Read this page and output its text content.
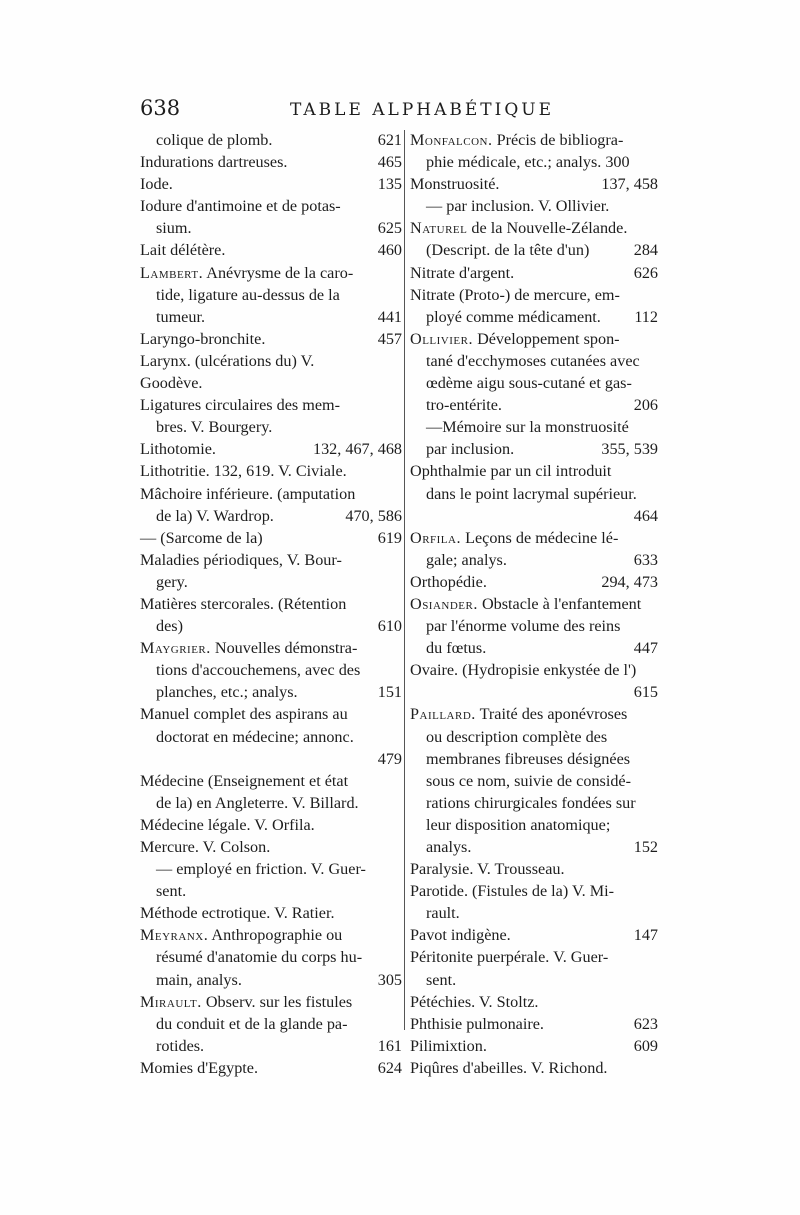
638	TABLE ALPHABÉTIQUE
colique de plomb.	621
Indurations dartreuses.	465
Iode.	135
Iodure d'antimoine et de potas-
sium.	625
Lait délétère.	460
Lambert. Anévrysme de la caro-
tide, ligature au-dessus de la
tumeur.	441
Laryngo-bronchite.	457
Larynx. (ulcérations du) V.
Goodève.
Ligatures circulaires des mem-
bres. V. Bourgery.
Lithotomie.	132, 467, 468
Lithotritie. 132, 619. V. Civiale.
Mâchoire inférieure. (amputation
de la) V. Wardrop.	470, 586
— (Sarcome de la)	619
Maladies périodiques, V. Bour-
gery.
Matières stercorales. (Rétention
des)	610
Maygrier. Nouvelles démonstra-
tions d'accouchemens, avec des
planches, etc.; analys.	151
Manuel complet des aspirans au
doctorat en médecine; annonc.
479
Médecine (Enseignement et état
de la) en Angleterre. V. Billard.
Médecine légale. V. Orfila.
Mercure. V. Colson.
— employé en friction. V. Guer-
sent.
Méthode ectrotique. V. Ratier.
Meyranx. Anthropographie ou
résumé d'anatomie du corps hu-
main, analys.	305
Mirault. Observ. sur les fistules
du conduit et de la glande pa-
rotides.	161
Momies d'Egypte.	624
Monfalcon. Précis de bibliogra-
phie médicale, etc.; analys. 300
Monstruosité.	137, 458
— par inclusion. V. Ollivier.
Naturel de la Nouvelle-Zélande.
(Descript. de la tête d'un)	284
Nitrate d'argent.	626
Nitrate (Proto-) de mercure, em-
ployé comme médicament. 112
Ollivier. Développement spon-
tané d'ecchymoses cutanées avec
œdème aigu sous-cutané et gas-
tro-entérite.	206
—Mémoire sur la monstruosité
par inclusion.	355, 539
Ophthalmie par un cil introduit
dans le point lacrymal supérieur.
464
Orfila. Leçons de médecine lé-
gale; analys.	633
Orthopédie.	294, 473
Osiander. Obstacle à l'enfantement
par l'énorme volume des reins
du fœtus.	447
Ovaire. (Hydropisie enkystée de l')
615
Paillard. Traité des aponévroses
ou description complète des
membranes fibreuses désignées
sous ce nom, suivie de considé-
rations chirurgicales fondées sur
leur disposition anatomique;
analys.	152
Paralysie. V. Trousseau.
Parotide. (Fistules de la) V. Mi-
rault.
Pavot indigène.	147
Péritonite puerpérale. V. Guer-
sent.
Pétéchies. V. Stoltz.
Phthisie pulmonaire.	623
Pilimixtion.	609
Piqûres d'abeilles. V. Richond.
